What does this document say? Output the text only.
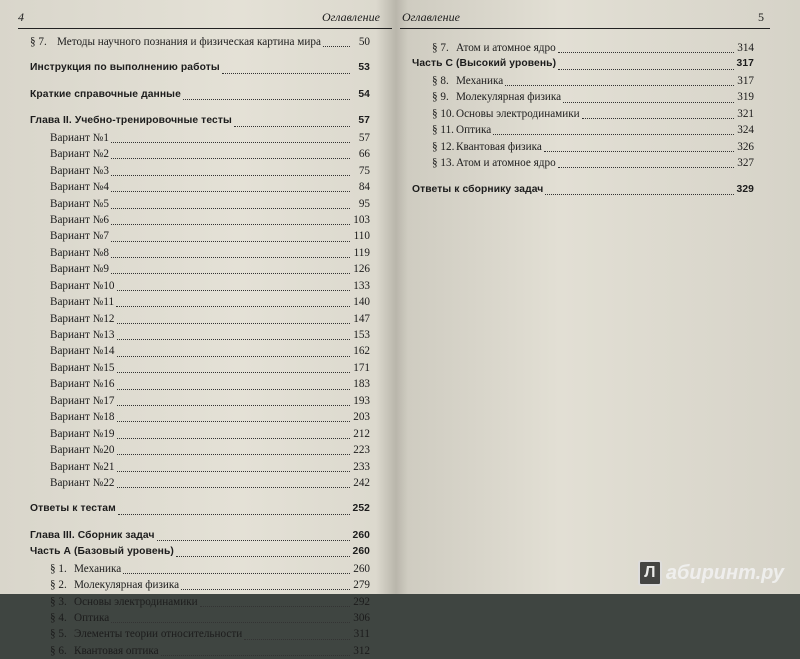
4	Оглавление
§ 7. Методы научного познания и физическая картина мира	50
Инструкция по выполнению работы	53
Краткие справочные данные	54
Глава II. Учебно-тренировочные тесты	57
Вариант №1	57
Вариант №2	66
Вариант №3	75
Вариант №4	84
Вариант №5	95
Вариант №6	103
Вариант №7	110
Вариант №8	119
Вариант №9	126
Вариант №10	133
Вариант №11	140
Вариант №12	147
Вариант №13	153
Вариант №14	162
Вариант №15	171
Вариант №16	183
Вариант №17	193
Вариант №18	203
Вариант №19	212
Вариант №20	223
Вариант №21	233
Вариант №22	242
Ответы к тестам	252
Глава III. Сборник задач	260
Часть А (Базовый уровень)	260
§ 1. Механика	260
§ 2. Молекулярная физика	279
§ 3. Основы электродинамики	292
§ 4. Оптика	306
§ 5. Элементы теории относительности	311
§ 6. Квантовая оптика	312
Оглавление	5
§ 7. Атом и атомное ядро	314
Часть С (Высокий уровень)	317
§ 8. Механика	317
§ 9. Молекулярная физика	319
§ 10. Основы электродинамики	321
§ 11. Оптика	324
§ 12. Квантовая физика	326
§ 13. Атом и атомное ядро	327
Ответы к сборнику задач	329
Л абиринт.ру
